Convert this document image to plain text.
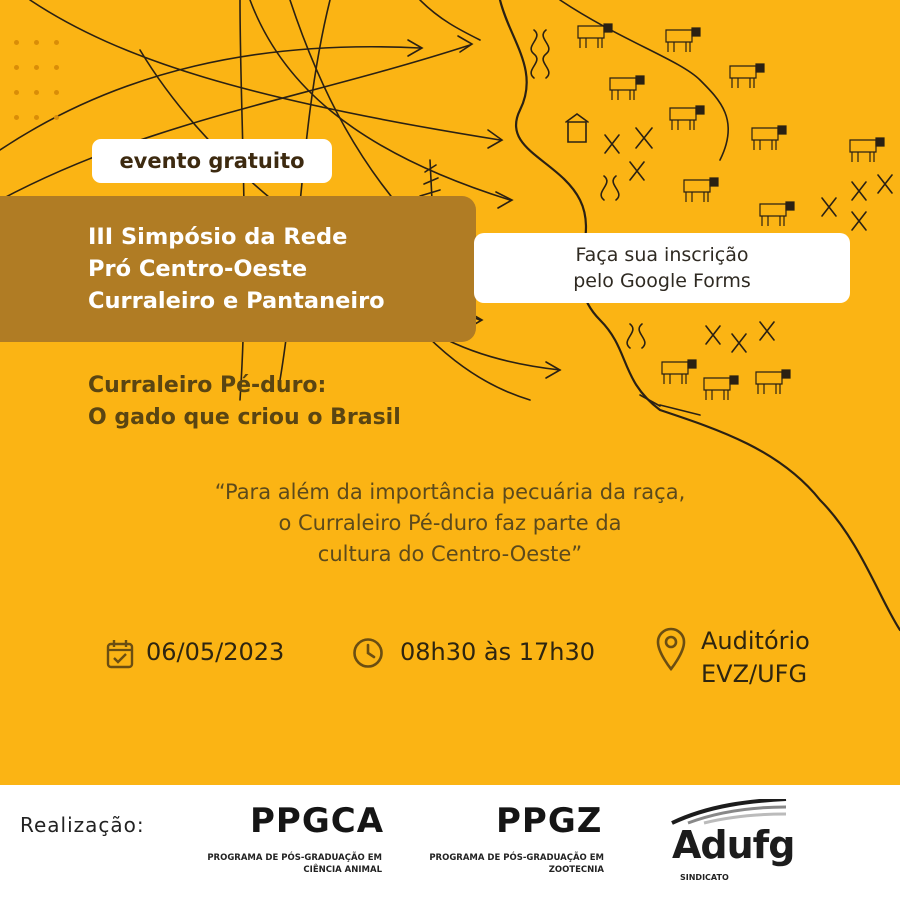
evento gratuito
III Simpósio da Rede
Pró Centro-Oeste
Curraleiro e Pantaneiro
Faça sua inscrição
pelo Google Forms
Curraleiro Pé-duro:
O gado que criou o Brasil
“Para além da importância pecuária da raça,
o Curraleiro Pé-duro faz parte da
cultura do Centro-Oeste”
06/05/2023	08h30 às 17h30	Auditório
EVZ/UFG
Realização:	PPGCA
PROGRAMA DE PÓS-GRADUAÇÃO EM
CIÊNCIA ANIMAL
PPGZ
PROGRAMA DE PÓS-GRADUAÇÃO EM
ZOOTECNIA
Adufg
SINDICATO
